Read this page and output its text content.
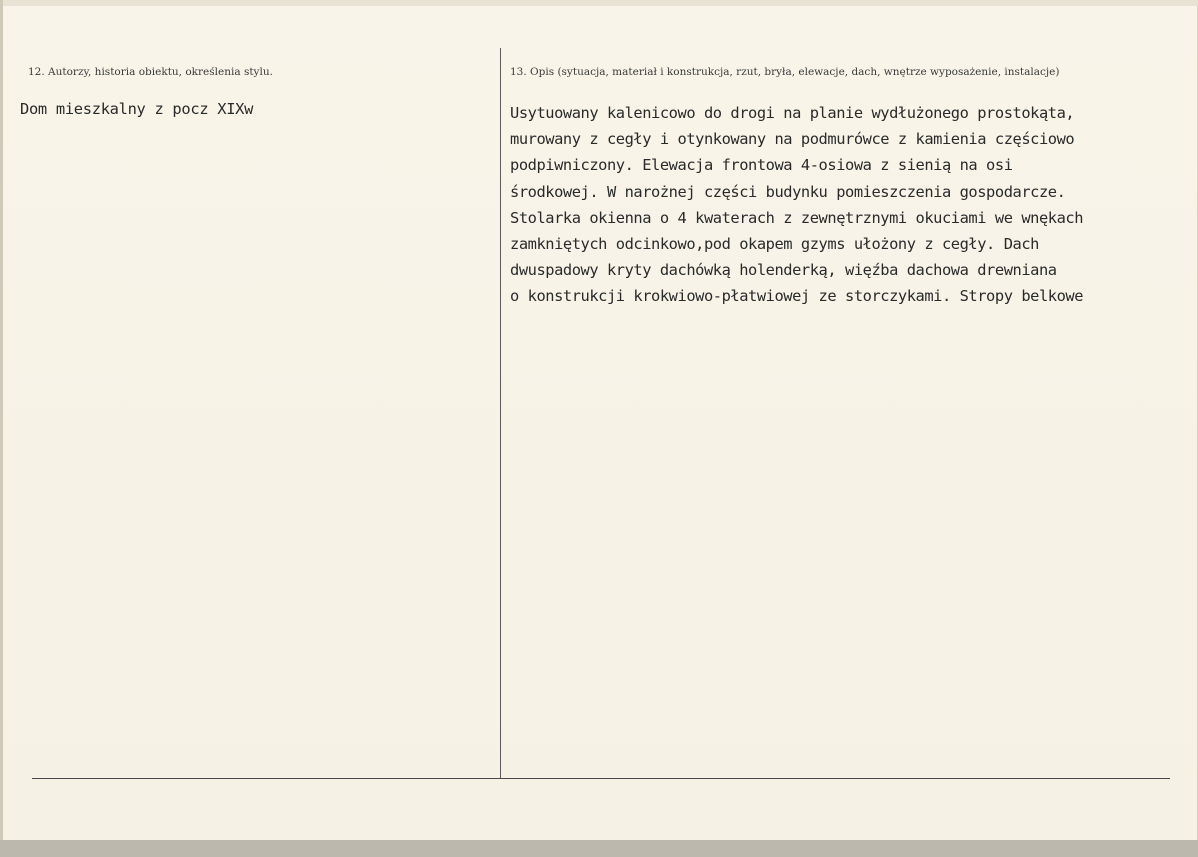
12. Autorzy, historia obiektu, określenia stylu.
Dom mieszkalny z pocz XIXw
13. Opis (sytuacja, materiał i konstrukcja, rzut, bryła, elewacje, dach, wnętrze wyposażenie, instalacje)
Usytuowany kalenicowo do drogi na planie wydłużonego prostokąta,
murowany z cegły i otynkowany na podmurówce z kamienia częściowo
podpiwniczony. Elewacja frontowa 4-osiowa z sienią na osi
środkowej. W narożnej części budynku pomieszczenia gospodarcze.
Stolarka okienna o 4 kwaterach z zewnętrznymi okuciami we wnękach
zamkniętych odcinkowo,pod okapem gzyms ułożony z cegły. Dach
dwuspadowy kryty dachówką holenderką, więźba dachowa drewniana
o konstrukcji krokwiowo-płatwiowej ze storczykami. Stropy belkowe
